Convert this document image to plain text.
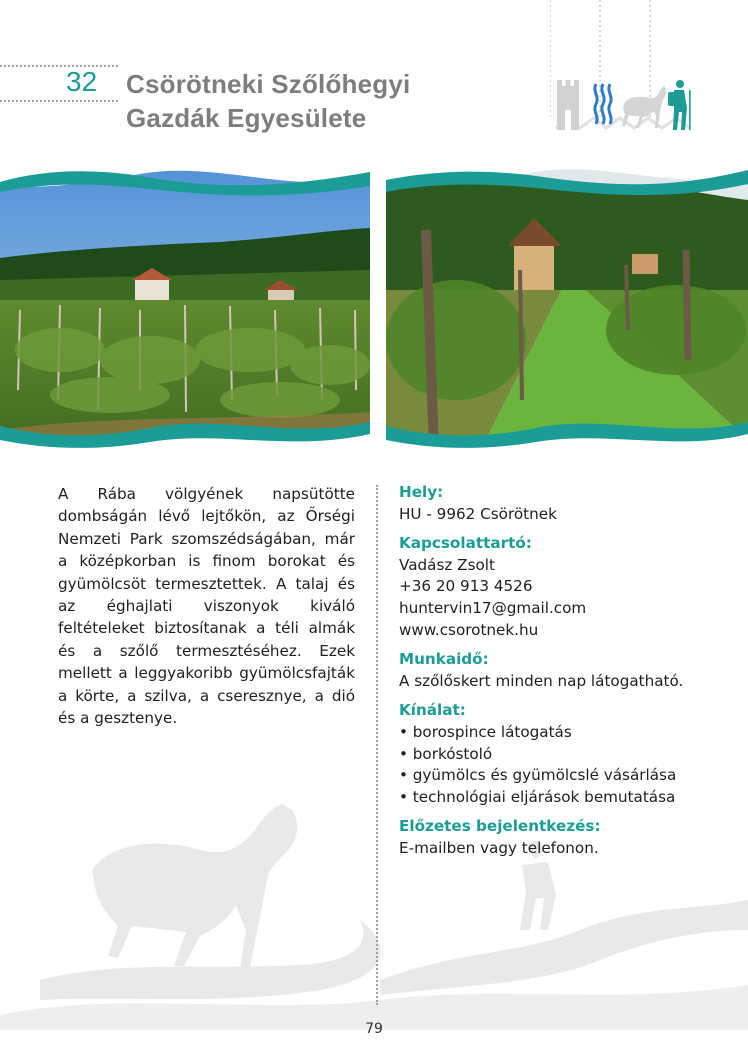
32 Csörötneki Szőlőhegyi
Gazdák Egyesülete
A Rába völgyének napsütötte dombságán lévő lejtőkön, az Őrségi Nemzeti Park szomszédságában, már a középkorban is finom borokat és gyümölcsöt termesztettek. A talaj és az éghajlati viszonyok kiváló feltételeket biztosítanak a téli almák és a szőlő termesztéséhez. Ezek mellett a leggyakoribb gyümölcsfajták a körte, a szilva, a cseresznye, a dió és a gesztenye.
Hely:
HU - 9962 Csörötnek
Kapcsolattartó:
Vadász Zsolt
+36 20 913 4526
huntervin17@gmail.com
www.csorotnek.hu
Munkaidő:
A szőlőskert minden nap látogatható.
Kínálat:
• borospince látogatás
• borkóstoló
• gyümölcs és gyümölcslé vásárlása
• technológiai eljárások bemutatása
Előzetes bejelentkezés:
E-mailben vagy telefonon.
79
